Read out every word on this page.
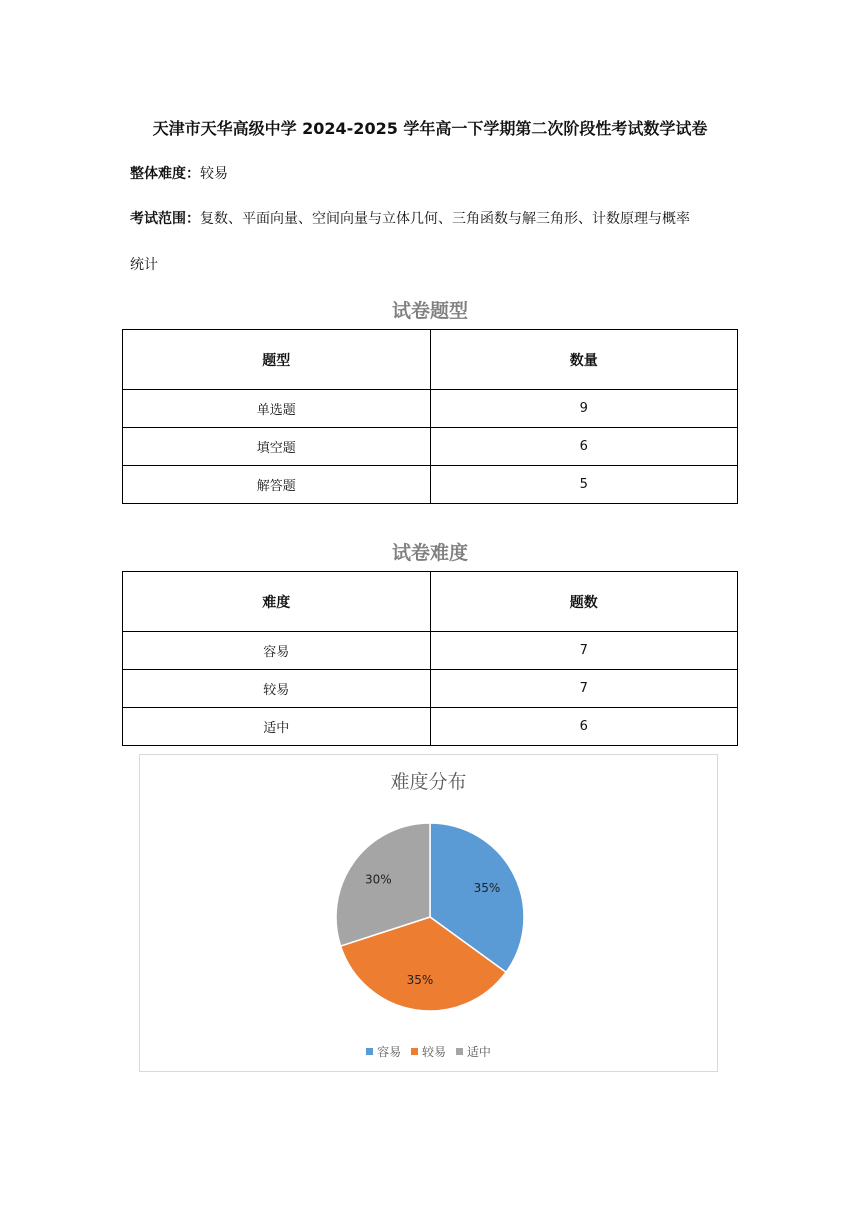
天津市天华高级中学 2024-2025 学年高一下学期第二次阶段性考试数学试卷
整体难度：较易
考试范围：复数、平面向量、空间向量与立体几何、三角函数与解三角形、计数原理与概率
统计
试卷题型
题型	数量
单选题	9
填空题	6
解答题	5
试卷难度
难度	题数
容易	7
较易	7
适中	6
难度分布
35%
35%
30%
容易 较易 适中
